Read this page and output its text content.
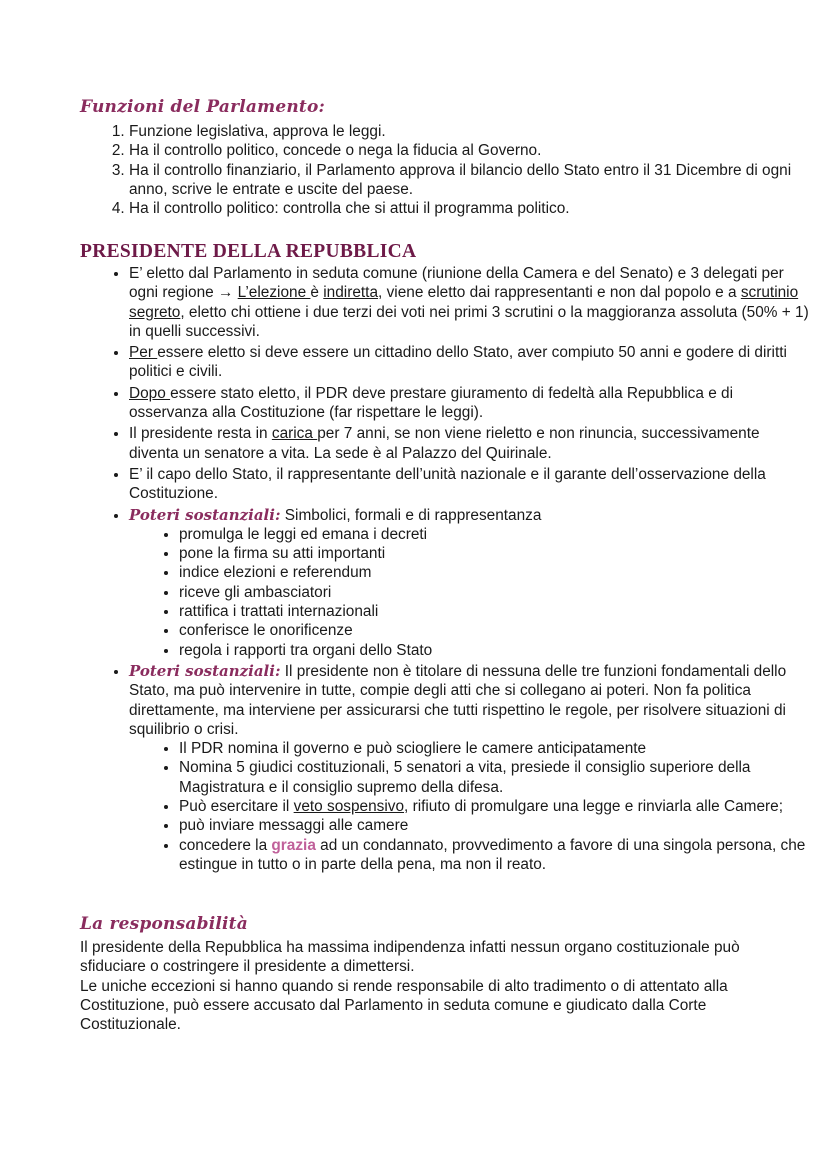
Funzioni del Parlamento:
1. Funzione legislativa, approva le leggi.
2. Ha il controllo politico, concede o nega la fiducia al Governo.
3. Ha il controllo finanziario, il Parlamento approva il bilancio dello Stato entro il 31 Dicembre di ogni anno, scrive le entrate e uscite del paese.
4. Ha il controllo politico: controlla che si attui il programma politico.
PRESIDENTE DELLA REPUBBLICA
• E’ eletto dal Parlamento in seduta comune (riunione della Camera e del Senato) e 3 delegati per ogni regione → L’elezione è indiretta, viene eletto dai rappresentanti e non dal popolo e a scrutinio segreto, eletto chi ottiene i due terzi dei voti nei primi 3 scrutini o la maggioranza assoluta (50% + 1) in quelli successivi.
• Per essere eletto si deve essere un cittadino dello Stato, aver compiuto 50 anni e godere di diritti politici e civili.
• Dopo essere stato eletto, il PDR deve prestare giuramento di fedeltà alla Repubblica e di osservanza alla Costituzione (far rispettare le leggi).
• Il presidente resta in carica per 7 anni, se non viene rieletto e non rinuncia, successivamente diventa un senatore a vita. La sede è al Palazzo del Quirinale.
• E’ il capo dello Stato, il rappresentante dell’unità nazionale e il garante dell’osservazione della Costituzione.
• Poteri sostanziali: Simbolici, formali e di rappresentanza
• promulga le leggi ed emana i decreti
• pone la firma su atti importanti
• indice elezioni e referendum
• riceve gli ambasciatori
• rattifica i trattati internazionali
• conferisce le onorificenze
• regola i rapporti tra organi dello Stato
• Poteri sostanziali: Il presidente non è titolare di nessuna delle tre funzioni fondamentali dello Stato, ma può intervenire in tutte, compie degli atti che si collegano ai poteri. Non fa politica direttamente, ma interviene per assicurarsi che tutti rispettino le regole, per risolvere situazioni di squilibrio o crisi.
• Il PDR nomina il governo e può sciogliere le camere anticipatamente
• Nomina 5 giudici costituzionali, 5 senatori a vita, presiede il consiglio superiore della Magistratura e il consiglio supremo della difesa.
• Può esercitare il veto sospensivo, rifiuto di promulgare una legge e rinviarla alle Camere;
• può inviare messaggi alle camere
• concedere la grazia ad un condannato, provvedimento a favore di una singola persona, che estingue in tutto o in parte della pena, ma non il reato.
La responsabilità
Il presidente della Repubblica ha massima indipendenza infatti nessun organo costituzionale può sfiduciare o costringere il presidente a dimettersi.
Le uniche eccezioni si hanno quando si rende responsabile di alto tradimento o di attentato alla Costituzione, può essere accusato dal Parlamento in seduta comune e giudicato dalla Corte Costituzionale.
